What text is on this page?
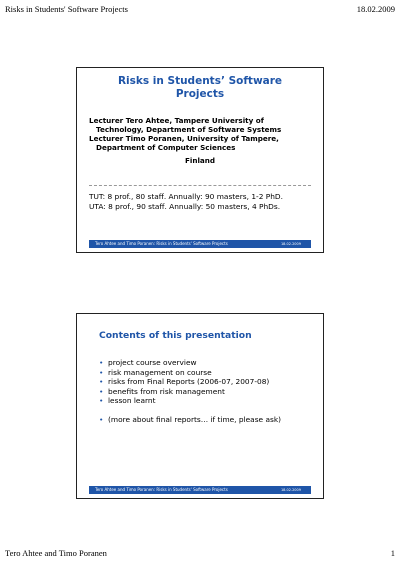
Risks in Students' Software Projects	18.02.2009
Risks in Students’ Software Projects

Lecturer Tero Ahtee, Tampere University of
Technology, Department of Software Systems

Lecturer Timo Poranen, University of Tampere,
Department of Computer Sciences

Finland
TUT: 8 prof., 80 staff. Annually: 90 masters, 1-2 PhD.
UTA: 8 prof., 90 staff. Annually: 50 masters, 4 PhDs.
Tero Ahtee and Timo Poranen: Risks in Students' Software Projects	18.02.2009
Contents of this presentation
• project course overview
• risk management on course
• risks from Final Reports (2006-07, 2007-08)
• benefits from risk management
• lesson learnt
• (more about final reports… if time, please ask)
Tero Ahtee and Timo Poranen: Risks in Students' Software Projects	18.02.2009
Tero Ahtee and Timo Poranen	1
